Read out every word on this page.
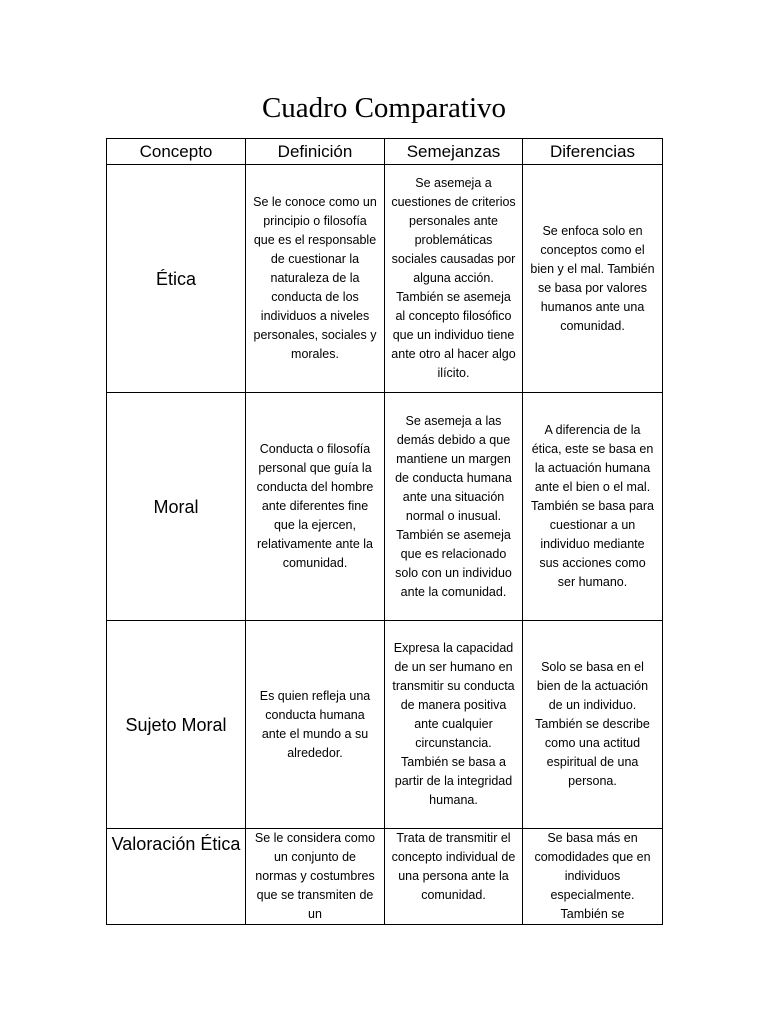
Cuadro Comparativo
Concepto	Definición	Semejanzas	Diferencias
Ética	Se le conoce como un principio o filosofía que es el responsable de cuestionar la naturaleza de la conducta de los individuos a niveles personales, sociales y morales.	Se asemeja a cuestiones de criterios personales ante problemáticas sociales causadas por alguna acción. También se asemeja al concepto filosófico que un individuo tiene ante otro al hacer algo ilícito.	Se enfoca solo en conceptos como el bien y el mal. También se basa por valores humanos ante una comunidad.
Moral	Conducta o filosofía personal que guía la conducta del hombre ante diferentes fine que la ejercen, relativamente ante la comunidad.	Se asemeja a las demás debido a que mantiene un margen de conducta humana ante una situación normal o inusual. También se asemeja que es relacionado solo con un individuo ante la comunidad.	A diferencia de la ética, este se basa en la actuación humana ante el bien o el mal. También se basa para cuestionar a un individuo mediante sus acciones como ser humano.
Sujeto Moral	Es quien refleja una conducta humana ante el mundo a su alrededor.	Expresa la capacidad de un ser humano en transmitir su conducta de manera positiva ante cualquier circunstancia. También se basa a partir de la integridad humana.	Solo se basa en el bien de la actuación de un individuo. También se describe como una actitud espiritual de una persona.
Valoración Ética	Se le considera como un conjunto de normas y costumbres que se transmiten de un	Trata de transmitir el concepto individual de una persona ante la comunidad.	Se basa más en comodidades que en individuos especialmente. También se
